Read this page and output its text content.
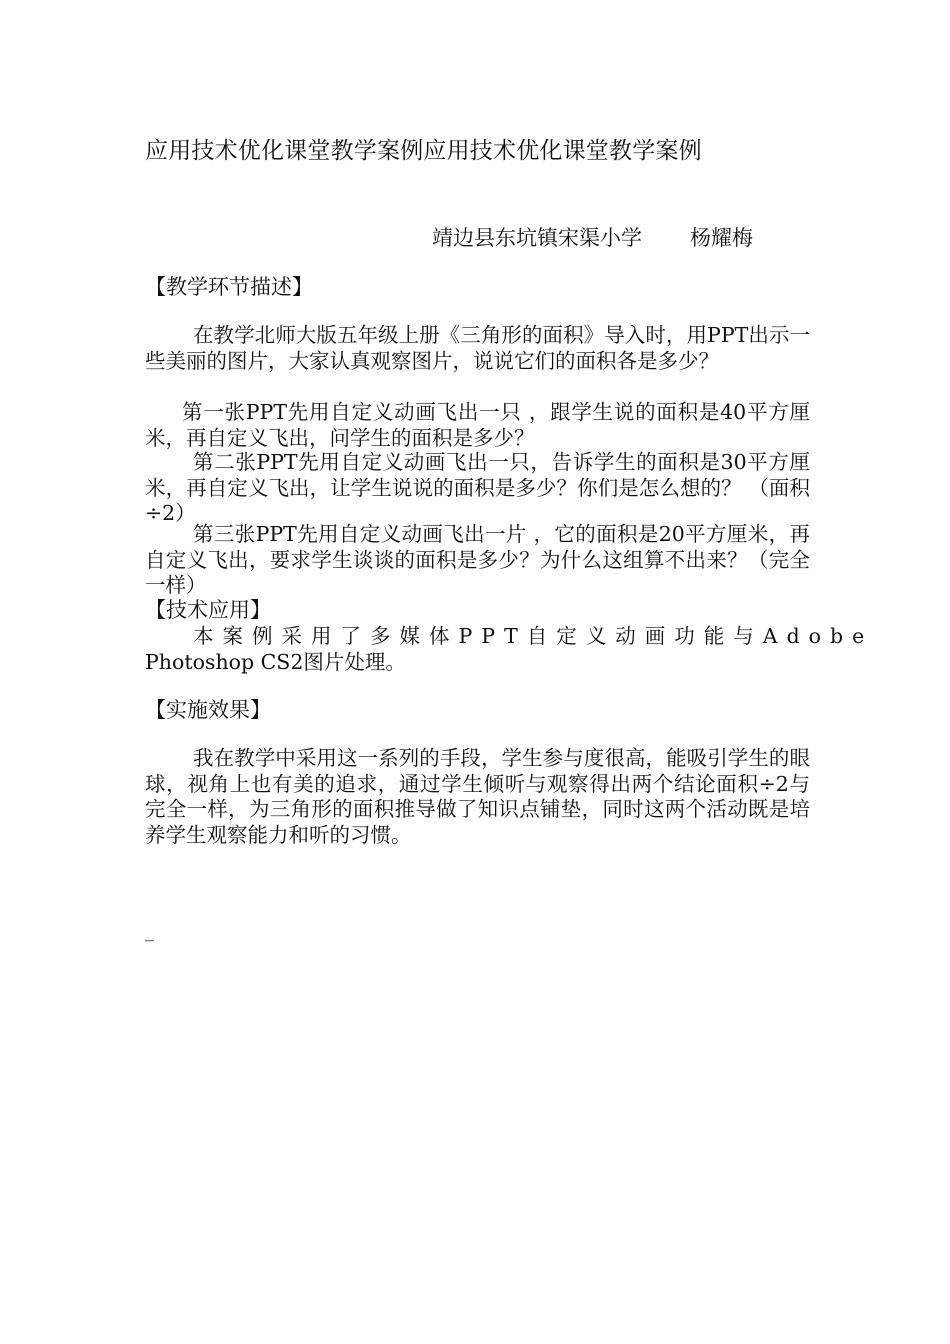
应用技术优化课堂教学案例应用技术优化课堂教学案例
靖边县东坑镇宋渠小学 杨耀梅
【教学环节描述】
在教学北师大版五年级上册《三角形的面积》导入时，用PPT出示一些美丽的图片，大家认真观察图片，说说它们的面积各是多少？
第一张PPT先用自定义动画飞出一只 ，跟学生说的面积是40平方厘米，再自定义飞出，问学生的面积是多少？
第二张PPT先用自定义动画飞出一只，告诉学生的面积是30平方厘米，再自定义飞出，让学生说说的面积是多少？你们是怎么想的？ （面积÷2）
第三张PPT先用自定义动画飞出一片 ，它的面积是20平方厘米，再自定义飞出，要求学生谈谈的面积是多少？为什么这组算不出来？（完全一样）
【技术应用】
本案例采用了多媒体PPT自定义动画功能与Adobe
Photoshop CS2图片处理。
【实施效果】
我在教学中采用这一系列的手段，学生参与度很高，能吸引学生的眼球，视角上也有美的追求，通过学生倾听与观察得出两个结论面积÷2与完全一样，为三角形的面积推导做了知识点铺垫，同时这两个活动既是培养学生观察能力和听的习惯。
_
